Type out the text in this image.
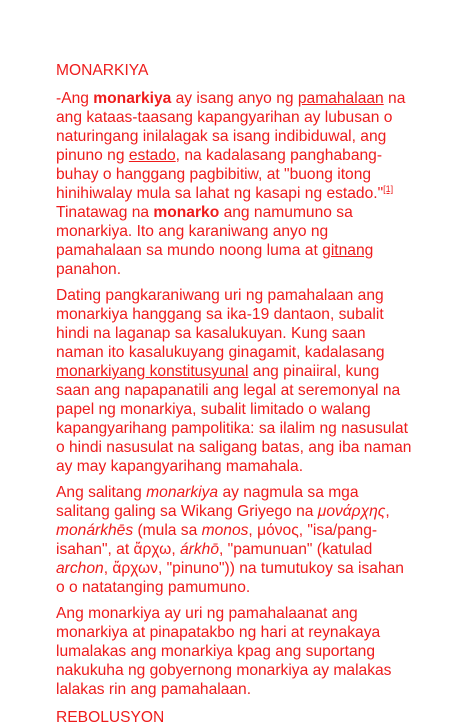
MONARKIYA
-Ang monarkiya ay isang anyo ng pamahalaan na ang kataas-taasang kapangyarihan ay lubusan o naturingang inilalagak sa isang indibiduwal, ang pinuno ng estado, na kadalasang panghabang-buhay o hanggang pagbibitiw, at "buong itong hinihiwalay mula sa lahat ng kasapi ng estado."[1] Tinatawag na monarko ang namumuno sa monarkiya. Ito ang karaniwang anyo ng pamahalaan sa mundo noong luma at gitnang panahon.
Dating pangkaraniwang uri ng pamahalaan ang monarkiya hanggang sa ika-19 dantaon, subalit hindi na laganap sa kasalukuyan. Kung saan naman ito kasalukuyang ginagamit, kadalasang monarkiyang konstitusyunal ang pinaiiral, kung saan ang napapanatili ang legal at seremonyal na papel ng monarkiya, subalit limitado o walang kapangyarihang pampolitika: sa ilalim ng nasusulat o hindi nasusulat na saligang batas, ang iba naman ay may kapangyarihang mamahala.
Ang salitang monarkiya ay nagmula sa mga salitang galing sa Wikang Griyego na μονάρχης, monárkhēs (mula sa monos, μόνος, "isa/pang-isahan", at ἄρχω, árkhō, "pamunuan" (katulad archon, ἄρχων, "pinuno")) na tumutukoy sa isahan o o natatanging pamumuno.
Ang monarkiya ay uri ng pamahalaanat ang monarkiya at pinapatakbo ng hari at reynakaya lumalakas ang monarkiya kpag ang suportang nakukuha ng gobyernong monarkiya ay malakas lalakas rin ang pamahalaan.
REBOLUSYON
